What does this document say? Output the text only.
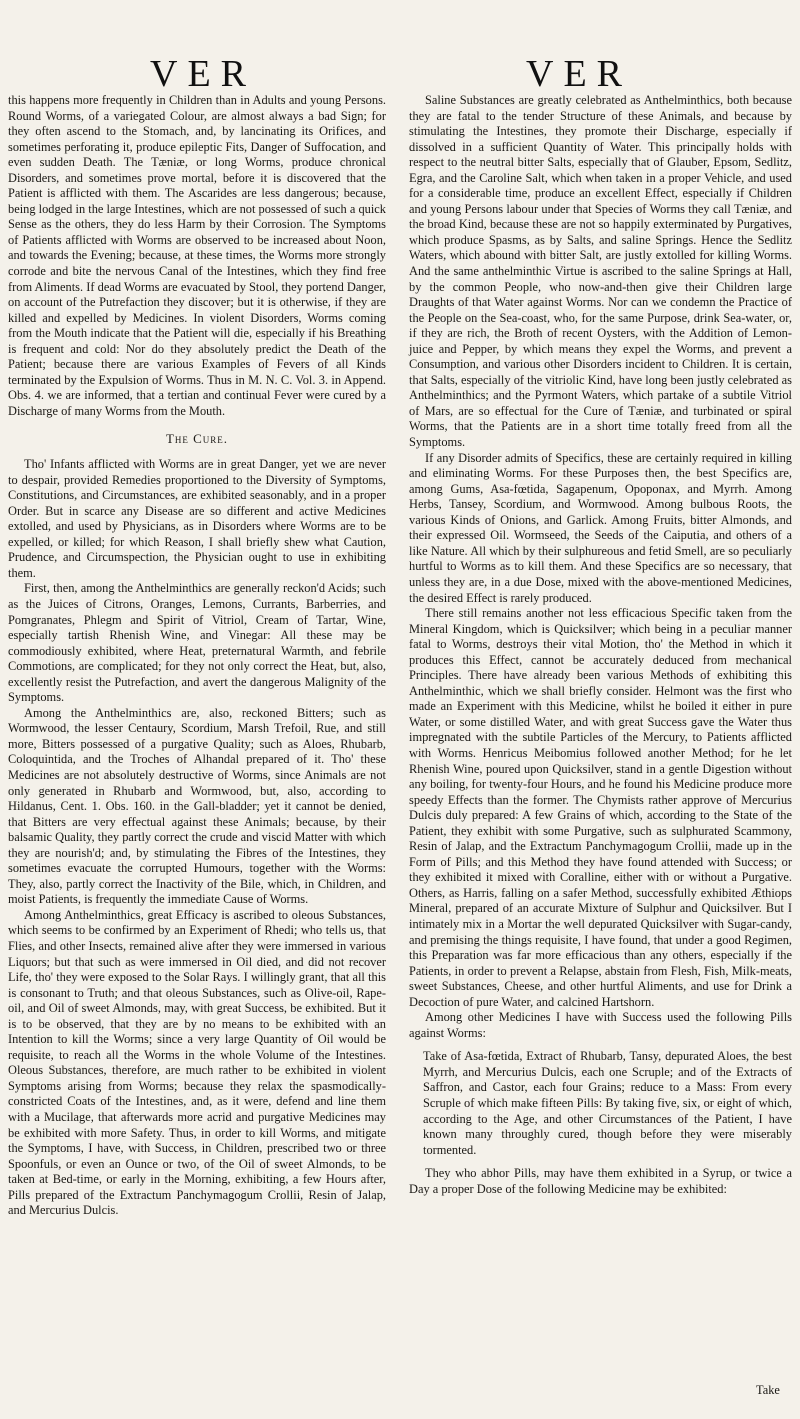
VER	VER

this happens more frequently in Children than in Adults and young Persons. Round Worms, of a variegated Colour, are almost always a bad Sign; for they often ascend to the Stomach, and, by lancinating its Orifices, and sometimes perforating it, produce epileptic Fits, Danger of Suffocation, and even sudden Death. The Tæniæ, or long Worms, produce chronical Disorders, and sometimes prove mortal, before it is discovered that the Patient is afflicted with them. The Ascarides are less dangerous; because, being lodged in the large Intestines, which are not possessed of such a quick Sense as the others, they do less Harm by their Corrosion. The Symptoms of Patients afflicted with Worms are observed to be increased about Noon, and towards the Evening; because, at these times, the Worms more strongly corrode and bite the nervous Canal of the Intestines, which they find free from Aliments. If dead Worms are evacuated by Stool, they portend Danger, on account of the Putrefaction they discover; but it is otherwise, if they are killed and expelled by Medicines. In violent Disorders, Worms coming from the Mouth indicate that the Patient will die, especially if his Breathing is frequent and cold: Nor do they absolutely predict the Death of the Patient; because there are various Examples of Fevers of all Kinds terminated by the Expulsion of Worms. Thus in M. N. C. Vol. 3. in Append. Obs. 4. we are informed, that a tertian and continual Fever were cured by a Discharge of many Worms from the Mouth.

The Cure.

Tho' Infants afflicted with Worms are in great Danger, yet we are never to despair, provided Remedies proportioned to the Diversity of Symptoms, Constitutions, and Circumstances, are exhibited seasonably, and in a proper Order. But in scarce any Disease are so different and active Medicines extolled, and used by Physicians, as in Disorders where Worms are to be expelled, or killed; for which Reason, I shall briefly shew what Caution, Prudence, and Circumspection, the Physician ought to use in exhibiting them.

First, then, among the Anthelminthics are generally reckon'd Acids; such as the Juices of Citrons, Oranges, Lemons, Currants, Barberries, and Pomgranates, Phlegm and Spirit of Vitriol, Cream of Tartar, Wine, especially tartish Rhenish Wine, and Vinegar: All these may be commodiously exhibited, where Heat, preternatural Warmth, and febrile Commotions, are complicated; for they not only correct the Heat, but, also, excellently resist the Putrefaction, and avert the dangerous Malignity of the Symptoms.

Among the Anthelminthics are, also, reckoned Bitters; such as Wormwood, the lesser Centaury, Scordium, Marsh Trefoil, Rue, and still more, Bitters possessed of a purgative Quality; such as Aloes, Rhubarb, Coloquintida, and the Troches of Alhandal prepared of it. Tho' these Medicines are not absolutely destructive of Worms, since Animals are not only generated in Rhubarb and Wormwood, but, also, according to Hildanus, Cent. 1. Obs. 160. in the Gall-bladder; yet it cannot be denied, that Bitters are very effectual against these Animals; because, by their balsamic Quality, they partly correct the crude and viscid Matter with which they are nourish'd; and, by stimulating the Fibres of the Intestines, they sometimes evacuate the corrupted Humours, together with the Worms: They, also, partly correct the Inactivity of the Bile, which, in Children, and moist Patients, is frequently the immediate Cause of Worms.

Among Anthelminthics, great Efficacy is ascribed to oleous Substances, which seems to be confirmed by an Experiment of Rhedi; who tells us, that Flies, and other Insects, remained alive after they were immersed in various Liquors; but that such as were immersed in Oil died, and did not recover Life, tho' they were exposed to the Solar Rays. I willingly grant, that all this is consonant to Truth; and that oleous Substances, such as Olive-oil, Rape-oil, and Oil of sweet Almonds, may, with great Success, be exhibited. But it is to be observed, that they are by no means to be exhibited with an Intention to kill the Worms; since a very large Quantity of Oil would be requisite, to reach all the Worms in the whole Volume of the Intestines. Oleous Substances, therefore, are much rather to be exhibited in violent Symptoms arising from Worms; because they relax the spasmodically-constricted Coats of the Intestines, and, as it were, defend and line them with a Mucilage, that afterwards more acrid and purgative Medicines may be exhibited with more Safety. Thus, in order to kill Worms, and mitigate the Symptoms, I have, with Success, in Children, prescribed two or three Spoonfuls, or even an Ounce or two, of the Oil of sweet Almonds, to be taken at Bed-time, or early in the Morning, exhibiting, a few Hours after, Pills prepared of the Extractum Panchymagogum Crollii, Resin of Jalap, and Mercurius Dulcis.

Saline Substances are greatly celebrated as Anthelminthics, both because they are fatal to the tender Structure of these Animals, and because by stimulating the Intestines, they promote their Discharge, especially if dissolved in a sufficient Quantity of Water. This principally holds with respect to the neutral bitter Salts, especially that of Glauber, Epsom, Sedlitz, Egra, and the Caroline Salt, which when taken in a proper Vehicle, and used for a considerable time, produce an excellent Effect, especially if Children and young Persons labour under that Species of Worms they call Tæniæ, and the broad Kind, because these are not so happily exterminated by Purgatives, which produce Spasms, as by Salts, and saline Springs. Hence the Sedlitz Waters, which abound with bitter Salt, are justly extolled for killing Worms. And the same anthelminthic Virtue is ascribed to the saline Springs at Hall, by the common People, who now-and-then give their Children large Draughts of that Water against Worms. Nor can we condemn the Practice of the People on the Sea-coast, who, for the same Purpose, drink Sea-water, or, if they are rich, the Broth of recent Oysters, with the Addition of Lemon-juice and Pepper, by which means they expel the Worms, and prevent a Consumption, and various other Disorders incident to Children. It is certain, that Salts, especially of the vitriolic Kind, have long been justly celebrated as Anthelminthics; and the Pyrmont Waters, which partake of a subtile Vitriol of Mars, are so effectual for the Cure of Tæniæ, and turbinated or spiral Worms, that the Patients are in a short time totally freed from all the Symptoms.

If any Disorder admits of Specifics, these are certainly required in killing and eliminating Worms. For these Purposes then, the best Specifics are, among Gums, Asa-fœtida, Sagapenum, Opoponax, and Myrrh. Among Herbs, Tansey, Scordium, and Wormwood. Among bulbous Roots, the various Kinds of Onions, and Garlick. Among Fruits, bitter Almonds, and their expressed Oil. Wormseed, the Seeds of the Caiputia, and others of a like Nature. All which by their sulphureous and fetid Smell, are so peculiarly hurtful to Worms as to kill them. And these Specifics are so necessary, that unless they are, in a due Dose, mixed with the above-mentioned Medicines, the desired Effect is rarely produced.

There still remains another not less efficacious Specific taken from the Mineral Kingdom, which is Quicksilver; which being in a peculiar manner fatal to Worms, destroys their vital Motion, tho' the Method in which it produces this Effect, cannot be accurately deduced from mechanical Principles. There have already been various Methods of exhibiting this Anthelminthic, which we shall briefly consider. Helmont was the first who made an Experiment with this Medicine, whilst he boiled it either in pure Water, or some distilled Water, and with great Success gave the Water thus impregnated with the subtile Particles of the Mercury, to Patients afflicted with Worms. Henricus Meibomius followed another Method; for he let Rhenish Wine, poured upon Quicksilver, stand in a gentle Digestion without any boiling, for twenty-four Hours, and he found his Medicine produce more speedy Effects than the former. The Chymists rather approve of Mercurius Dulcis duly prepared: A few Grains of which, according to the State of the Patient, they exhibit with some Purgative, such as sulphurated Scammony, Resin of Jalap, and the Extractum Panchymagogum Crollii, made up in the Form of Pills; and this Method they have found attended with Success; or they exhibited it mixed with Coralline, either with or without a Purgative. Others, as Harris, falling on a safer Method, successfully exhibited Æthiops Mineral, prepared of an accurate Mixture of Sulphur and Quicksilver. But I intimately mix in a Mortar the well depurated Quicksilver with Sugar-candy, and premising the things requisite, I have found, that under a good Regimen, this Preparation was far more efficacious than any others, especially if the Patients, in order to prevent a Relapse, abstain from Flesh, Fish, Milk-meats, sweet Substances, Cheese, and other hurtful Aliments, and use for Drink a Decoction of pure Water, and calcined Hartshorn.

Among other Medicines I have with Success used the following Pills against Worms:

Take of Asa-fœtida, Extract of Rhubarb, Tansy, depurated Aloes, the best Myrrh, and Mercurius Dulcis, each one Scruple; and of the Extracts of Saffron, and Castor, each four Grains; reduce to a Mass: From every Scruple of which make fifteen Pills: By taking five, six, or eight of which, according to the Age, and other Circumstances of the Patient, I have known many throughly cured, though before they were miserably tormented.

They who abhor Pills, may have them exhibited in a Syrup, or twice a Day a proper Dose of the following Medicine may be exhibited:

Take
